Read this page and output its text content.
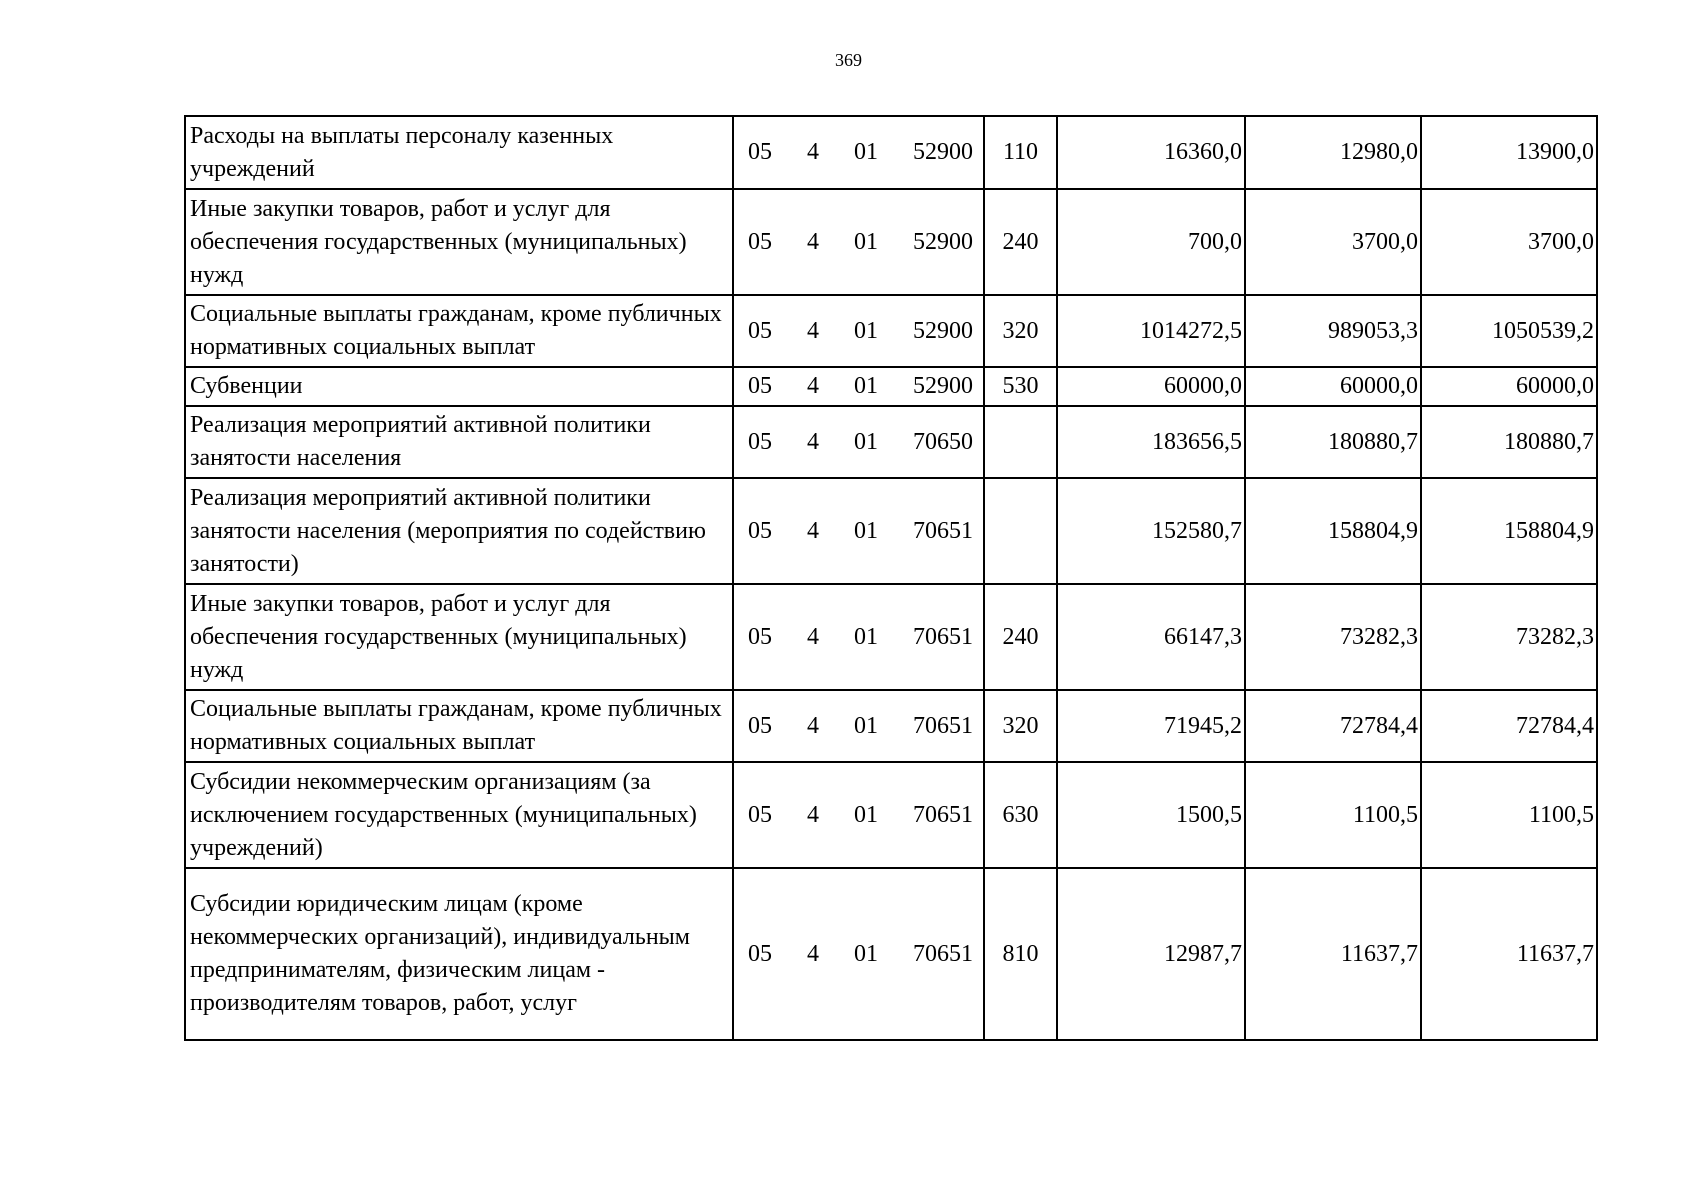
369
Расходы на выплаты персоналу казенных учреждений	05 4 01 52900	110	16360,0	12980,0	13900,0
Иные закупки товаров, работ и услуг для обеспечения государственных (муниципальных) нужд	05 4 01 52900	240	700,0	3700,0	3700,0
Социальные выплаты гражданам, кроме публичных нормативных социальных выплат	05 4 01 52900	320	1014272,5	989053,3	1050539,2
Субвенции	05 4 01 52900	530	60000,0	60000,0	60000,0
Реализация мероприятий активной политики занятости населения	05 4 01 70650		183656,5	180880,7	180880,7
Реализация мероприятий активной политики занятости населения (мероприятия по содействию занятости)	05 4 01 70651		152580,7	158804,9	158804,9
Иные закупки товаров, работ и услуг для обеспечения государственных (муниципальных) нужд	05 4 01 70651	240	66147,3	73282,3	73282,3
Социальные выплаты гражданам, кроме публичных нормативных социальных выплат	05 4 01 70651	320	71945,2	72784,4	72784,4
Субсидии некоммерческим организациям (за исключением государственных (муниципальных) учреждений)	05 4 01 70651	630	1500,5	1100,5	1100,5
Субсидии юридическим лицам (кроме некоммерческих организаций), индивидуальным предпринимателям, физическим лицам - производителям товаров, работ, услуг	05 4 01 70651	810	12987,7	11637,7	11637,7
